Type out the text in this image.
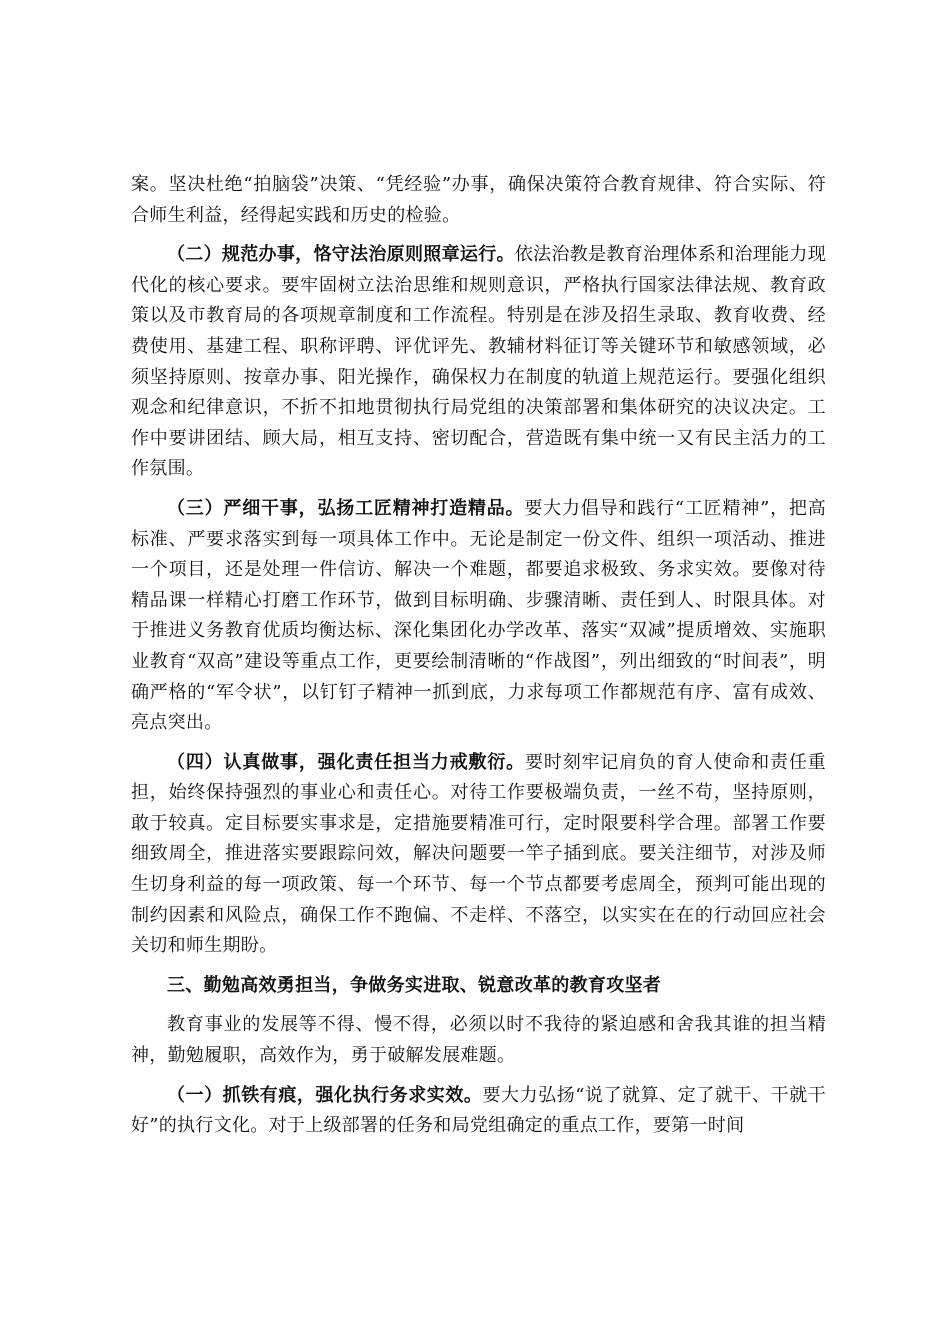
案。坚决杜绝“拍脑袋”决策、“凭经验”办事，确保决策符合教育规律、符合实际、符合师生利益，经得起实践和历史的检验。

（二）规范办事，恪守法治原则照章运行。依法治教是教育治理体系和治理能力现代化的核心要求。要牢固树立法治思维和规则意识，严格执行国家法律法规、教育政策以及市教育局的各项规章制度和工作流程。特别是在涉及招生录取、教育收费、经费使用、基建工程、职称评聘、评优评先、教辅材料征订等关键环节和敏感领域，必须坚持原则、按章办事、阳光操作，确保权力在制度的轨道上规范运行。要强化组织观念和纪律意识，不折不扣地贯彻执行局党组的决策部署和集体研究的决议决定。工作中要讲团结、顾大局，相互支持、密切配合，营造既有集中统一又有民主活力的工作氛围。

（三）严细干事，弘扬工匠精神打造精品。要大力倡导和践行“工匠精神”，把高标准、严要求落实到每一项具体工作中。无论是制定一份文件、组织一项活动、推进一个项目，还是处理一件信访、解决一个难题，都要追求极致、务求实效。要像对待精品课一样精心打磨工作环节，做到目标明确、步骤清晰、责任到人、时限具体。对于推进义务教育优质均衡达标、深化集团化办学改革、落实“双减”提质增效、实施职业教育“双高”建设等重点工作，更要绘制清晰的“作战图”，列出细致的“时间表”，明确严格的“军令状”，以钉钉子精神一抓到底，力求每项工作都规范有序、富有成效、亮点突出。

（四）认真做事，强化责任担当力戒敷衍。要时刻牢记肩负的育人使命和责任重担，始终保持强烈的事业心和责任心。对待工作要极端负责，一丝不苟，坚持原则，敢于较真。定目标要实事求是，定措施要精准可行，定时限要科学合理。部署工作要细致周全，推进落实要跟踪问效，解决问题要一竿子插到底。要关注细节，对涉及师生切身利益的每一项政策、每一个环节、每一个节点都要考虑周全，预判可能出现的制约因素和风险点，确保工作不跑偏、不走样、不落空，以实实在在的行动回应社会关切和师生期盼。

三、勤勉高效勇担当，争做务实进取、锐意改革的教育攻坚者

教育事业的发展等不得、慢不得，必须以时不我待的紧迫感和舍我其谁的担当精神，勤勉履职，高效作为，勇于破解发展难题。

（一）抓铁有痕，强化执行务求实效。要大力弘扬“说了就算、定了就干、干就干好”的执行文化。对于上级部署的任务和局党组确定的重点工作，要第一时间
